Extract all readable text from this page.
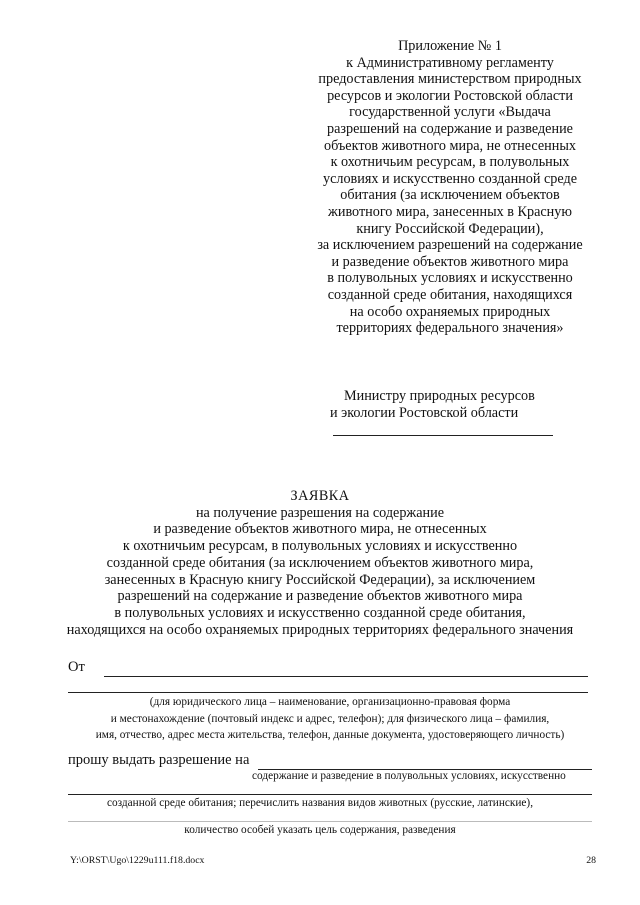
Приложение № 1
к Административному регламенту
предоставления министерством природных
ресурсов и экологии Ростовской области
государственной услуги «Выдача
разрешений на содержание и разведение
объектов животного мира, не отнесенных
к охотничьим ресурсам, в полувольных
условиях и искусственно созданной среде
обитания (за исключением объектов
животного мира, занесенных в Красную
книгу Российской Федерации),
за исключением разрешений на содержание
и разведение объектов животного мира
в полувольных условиях и искусственно
созданной среде обитания, находящихся
на особо охраняемых природных
территориях федерального значения»
Министру природных ресурсов
и экологии Ростовской области
ЗАЯВКА
на получение разрешения на содержание
и разведение объектов животного мира, не отнесенных
к охотничьим ресурсам, в полувольных условиях и искусственно
созданной среде обитания (за исключением объектов животного мира,
занесенных в Красную книгу Российской Федерации), за исключением
разрешений на содержание и разведение объектов животного мира
в полувольных условиях и искусственно созданной среде обитания,
находящихся на особо охраняемых природных территориях федерального значения
От
(для юридического лица – наименование, организационно-правовая форма
и местонахождение (почтовый индекс и адрес, телефон); для физического лица – фамилия,
имя, отчество, адрес места жительства, телефон, данные документа, удостоверяющего личность)
прошу выдать разрешение на
содержание и разведение в полувольных условиях, искусственно
созданной среде обитания; перечислить названия видов животных (русские, латинские),
количество особей указать цель содержания, разведения
Y:\ORST\Ugo\1229u111.f18.docx	28
